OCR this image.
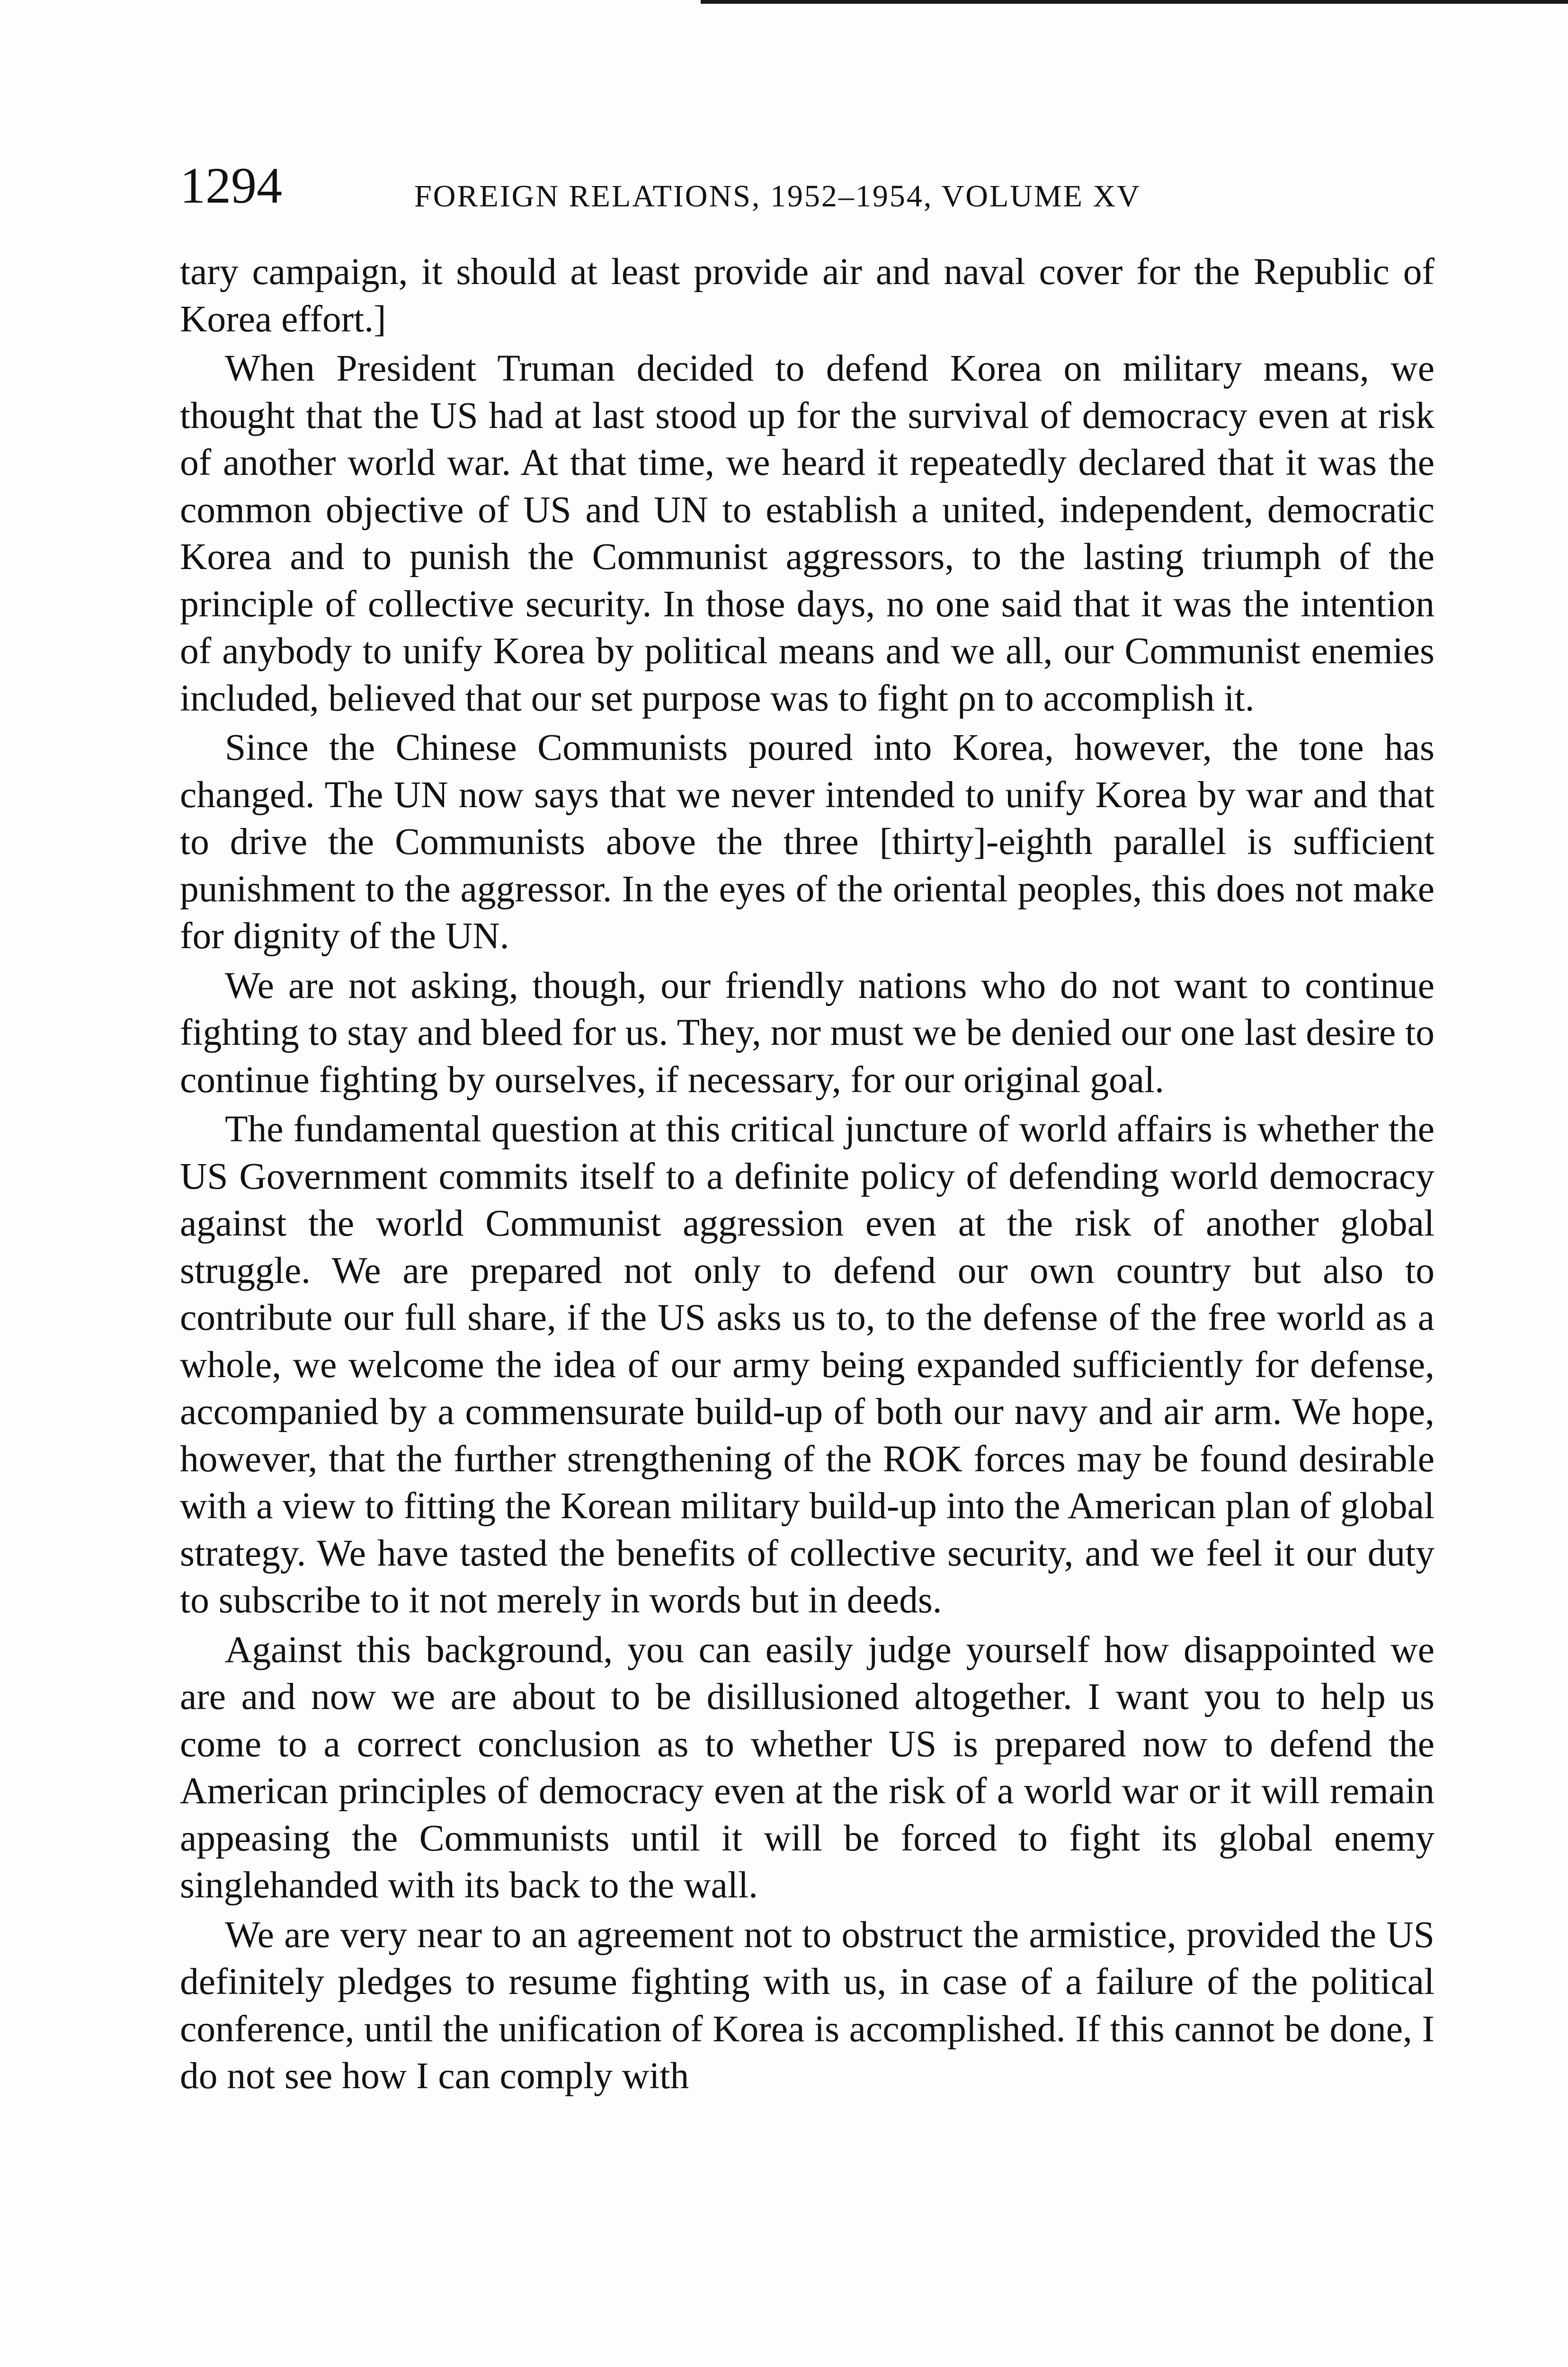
1294	FOREIGN RELATIONS, 1952–1954, VOLUME XV

tary campaign, it should at least provide air and naval cover for the Republic of Korea effort.]

When President Truman decided to defend Korea on military means, we thought that the US had at last stood up for the survival of democracy even at risk of another world war. At that time, we heard it repeatedly declared that it was the common objective of US and UN to establish a united, independent, democratic Korea and to punish the Communist aggressors, to the lasting triumph of the principle of collective security. In those days, no one said that it was the intention of anybody to unify Korea by political means and we all, our Communist enemies included, believed that our set purpose was to fight ρn to accomplish it.

Since the Chinese Communists poured into Korea, however, the tone has changed. The UN now says that we never intended to unify Korea by war and that to drive the Communists above the three [thirty]-eighth parallel is sufficient punishment to the aggressor. In the eyes of the oriental peoples, this does not make for dignity of the UN.

We are not asking, though, our friendly nations who do not want to continue fighting to stay and bleed for us. They, nor must we be denied our one last desire to continue fighting by ourselves, if necessary, for our original goal.

The fundamental question at this critical juncture of world affairs is whether the US Government commits itself to a definite policy of defending world democracy against the world Communist aggression even at the risk of another global struggle. We are prepared not only to defend our own country but also to contribute our full share, if the US asks us to, to the defense of the free world as a whole, we welcome the idea of our army being expanded sufficiently for defense, accompanied by a commensurate build-up of both our navy and air arm. We hope, however, that the further strengthening of the ROK forces may be found desirable with a view to fitting the Korean military build-up into the American plan of global strategy. We have tasted the benefits of collective security, and we feel it our duty to subscribe to it not merely in words but in deeds.

Against this background, you can easily judge yourself how disappointed we are and now we are about to be disillusioned altogether. I want you to help us come to a correct conclusion as to whether US is prepared now to defend the American principles of democracy even at the risk of a world war or it will remain appeasing the Communists until it will be forced to fight its global enemy singlehanded with its back to the wall.

We are very near to an agreement not to obstruct the armistice, provided the US definitely pledges to resume fighting with us, in case of a failure of the political conference, until the unification of Korea is accomplished. If this cannot be done, I do not see how I can comply with
